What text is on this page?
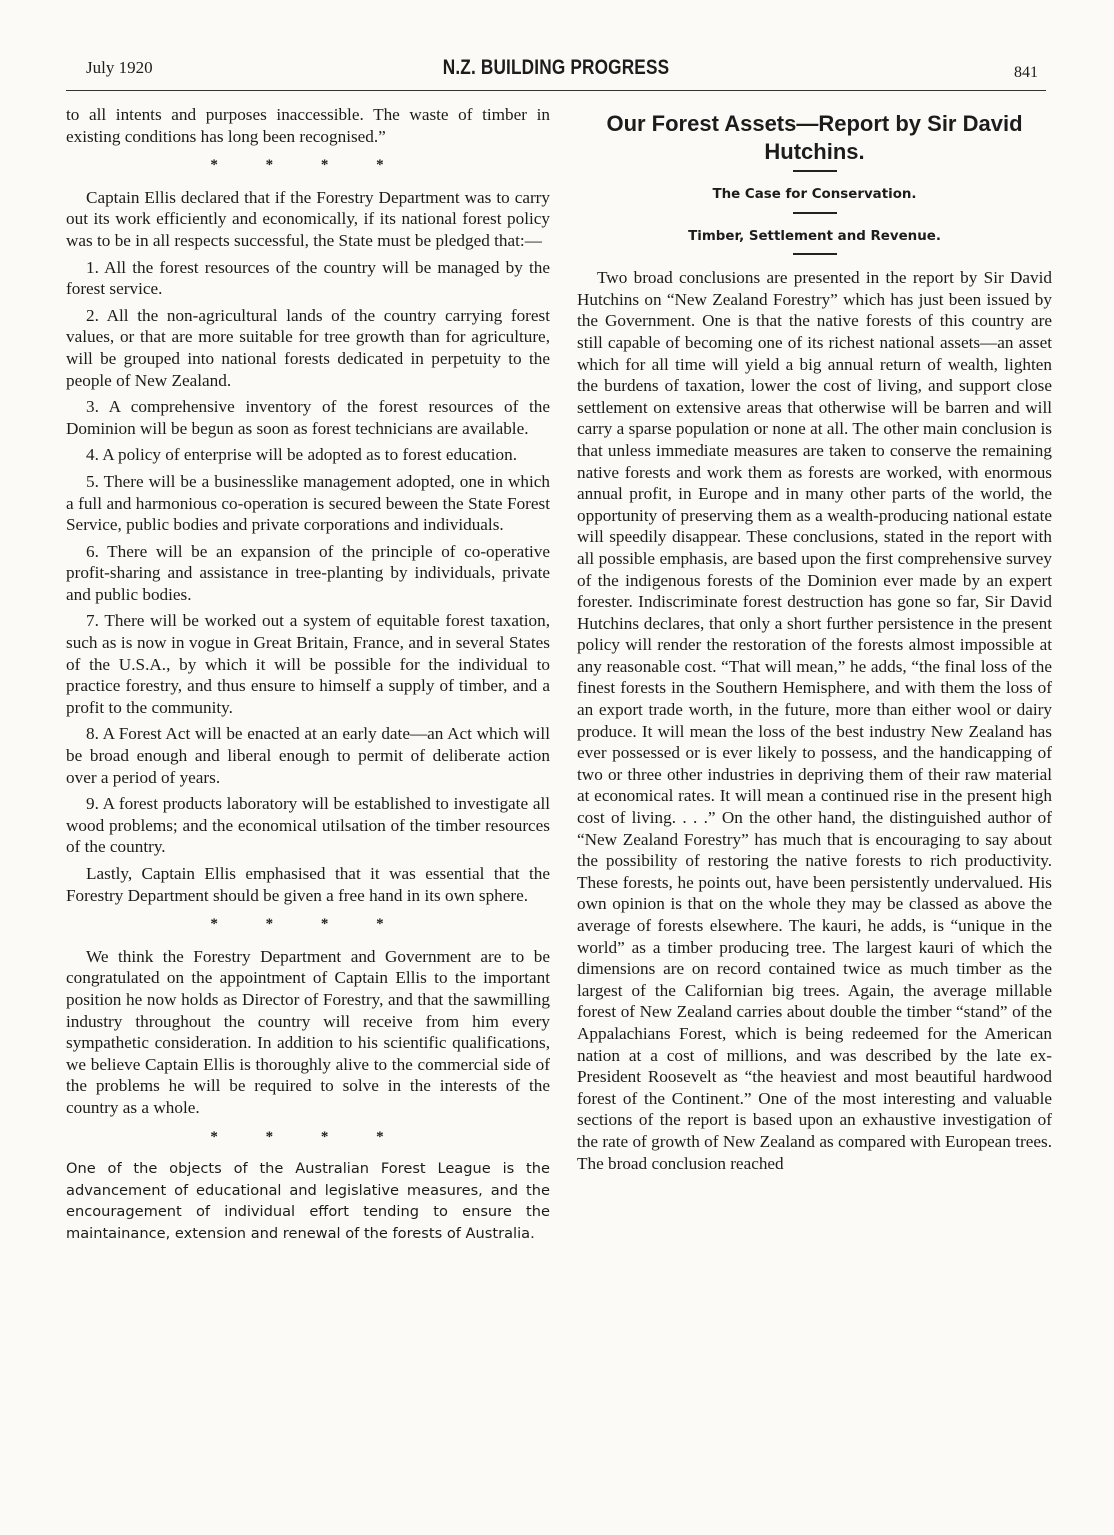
July 1920	N.Z. BUILDING PROGRESS	841

to all intents and purposes inaccessible. The waste of timber in existing conditions has long been recognised.”

* * * *

Captain Ellis declared that if the Forestry Department was to carry out its work efficiently and economically, if its national forest policy was to be in all respects successful, the State must be pledged that:—

1. All the forest resources of the country will be managed by the forest service.

2. All the non-agricultural lands of the country carrying forest values, or that are more suitable for tree growth than for agriculture, will be grouped into national forests dedicated in perpetuity to the people of New Zealand.

3. A comprehensive inventory of the forest resources of the Dominion will be begun as soon as forest technicians are available.

4. A policy of enterprise will be adopted as to forest education.

5. There will be a businesslike management adopted, one in which a full and harmonious co-operation is secured beween the State Forest Service, public bodies and private corporations and individuals.

6. There will be an expansion of the principle of co-operative profit-sharing and assistance in tree-planting by individuals, private and public bodies.

7. There will be worked out a system of equitable forest taxation, such as is now in vogue in Great Britain, France, and in several States of the U.S.A., by which it will be possible for the individual to practice forestry, and thus ensure to himself a supply of timber, and a profit to the community.

8. A Forest Act will be enacted at an early date—an Act which will be broad enough and liberal enough to permit of deliberate action over a period of years.

9. A forest products laboratory will be established to investigate all wood problems; and the economical utilsation of the timber resources of the country.

Lastly, Captain Ellis emphasised that it was essential that the Forestry Department should be given a free hand in its own sphere.

* * * *

We think the Forestry Department and Government are to be congratulated on the appointment of Captain Ellis to the important position he now holds as Director of Forestry, and that the sawmilling industry throughout the country will receive from him every sympathetic consideration. In addition to his scientific qualifications, we believe Captain Ellis is thoroughly alive to the commercial side of the problems he will be required to solve in the interests of the country as a whole.

* * * *

One of the objects of the Australian Forest League is the advancement of educational and legislative measures, and the encouragement of individual effort tending to ensure the maintainance, extension and renewal of the forests of Australia.

Our Forest Assets—Report by Sir David Hutchins.
The Case for Conservation.
Timber, Settlement and Revenue.

Two broad conclusions are presented in the report by Sir David Hutchins on “New Zealand Forestry” which has just been issued by the Government. One is that the native forests of this country are still capable of becoming one of its richest national assets—an asset which for all time will yield a big annual return of wealth, lighten the burdens of taxation, lower the cost of living, and support close settlement on extensive areas that otherwise will be barren and will carry a sparse population or none at all. The other main conclusion is that unless immediate measures are taken to conserve the remaining native forests and work them as forests are worked, with enormous annual profit, in Europe and in many other parts of the world, the opportunity of preserving them as a wealth-producing national estate will speedily disappear. These conclusions, stated in the report with all possible emphasis, are based upon the first comprehensive survey of the indigenous forests of the Dominion ever made by an expert forester. Indiscriminate forest destruction has gone so far, Sir David Hutchins declares, that only a short further persistence in the present policy will render the restoration of the forests almost impossible at any reasonable cost. “That will mean,” he adds, “the final loss of the finest forests in the Southern Hemisphere, and with them the loss of an export trade worth, in the future, more than either wool or dairy produce. It will mean the loss of the best industry New Zealand has ever possessed or is ever likely to possess, and the handicapping of two or three other industries in depriving them of their raw material at economical rates. It will mean a continued rise in the present high cost of living. . . .” On the other hand, the distinguished author of “New Zealand Forestry” has much that is encouraging to say about the possibility of restoring the native forests to rich productivity. These forests, he points out, have been persistently undervalued. His own opinion is that on the whole they may be classed as above the average of forests elsewhere. The kauri, he adds, is “unique in the world” as a timber producing tree. The largest kauri of which the dimensions are on record contained twice as much timber as the largest of the Californian big trees. Again, the average millable forest of New Zealand carries about double the timber “stand” of the Appalachians Forest, which is being redeemed for the American nation at a cost of millions, and was described by the late ex-President Roosevelt as “the heaviest and most beautiful hardwood forest of the Continent.” One of the most interesting and valuable sections of the report is based upon an exhaustive investigation of the rate of growth of New Zealand as compared with European trees. The broad conclusion reached
